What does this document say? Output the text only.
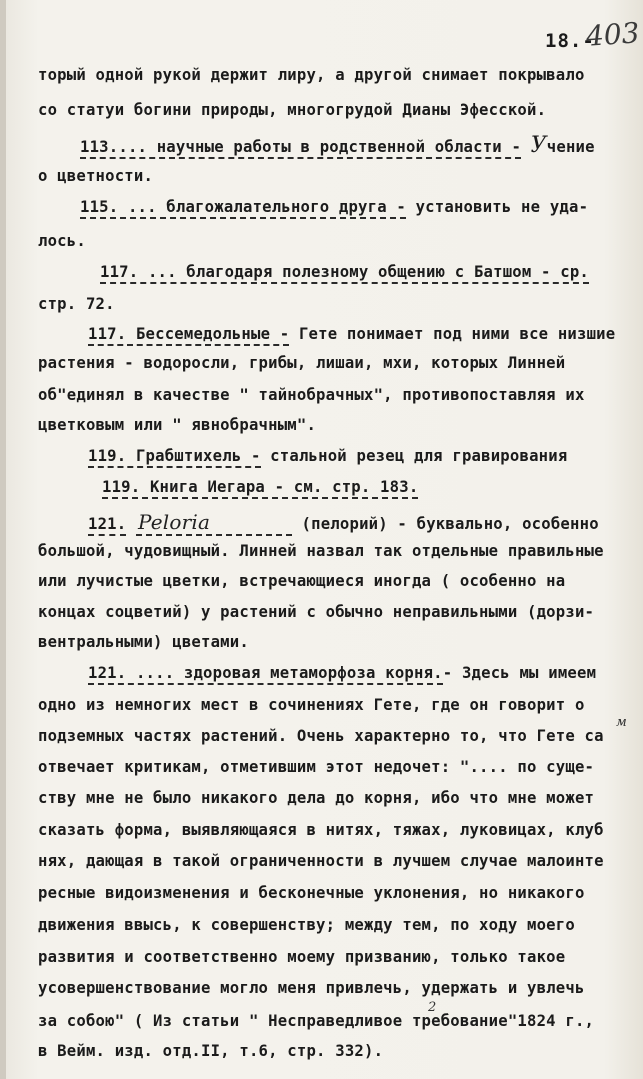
18.-
403
торый одной рукой держит лиру, а другой снимает покрывало
со статуи богини природы, многогрудой Дианы Эфесской.
113.... научные работы в родственной области - Учение
о цветности.
115. ... благожалательного друга - установить не уда-
лось.
117. ... благодаря полезному общению с Батшом - ср.
стр. 72.
117. Бессемедольные - Гете понимает под ними все низшие
растения - водоросли, грибы, лишаи, мхи, которых Линней
об"единял в качестве " тайнобрачных", противопоставляя их
цветковым или " явнобрачным".
119. Грабштихель - стальной резец для гравирования
119. Книга Иегара - см. стр. 183.
121. Peloria	(пелорий) - буквально, особенно
большой, чудовищный. Линней назвал так отдельные правильные
или лучистые цветки, встречающиеся иногда ( особенно на
концах соцветий) у растений с обычно неправильными (дорзи-
вентральными) цветами.
121. .... здоровая метаморфоза корня.- Здесь мы имеем
одно из немногих мест в сочинениях Гете, где он говорит о
подземных частях растений. Очень характерно то, что Гете са
м
отвечает критикам, отметившим этот недочет: ".... по суще-
ству мне не было никакого дела до корня, ибо что мне может
сказать форма, выявляющаяся в нитях, тяжах, луковицах, клуб
нях, дающая в такой ограниченности в лучшем случае малоинте
ресные видоизменения и бесконечные уклонения, но никакого
движения ввысь, к совершенству; между тем, по ходу моего
развития и соответственно моему призванию, только такое
усовершенствование могло меня привлечь, удержать и увлечь
за собою" ( Из статьи " Несправедливое требование"1824 г.,
2
в Вейм. изд. отд.II, т.6, стр. 332).
